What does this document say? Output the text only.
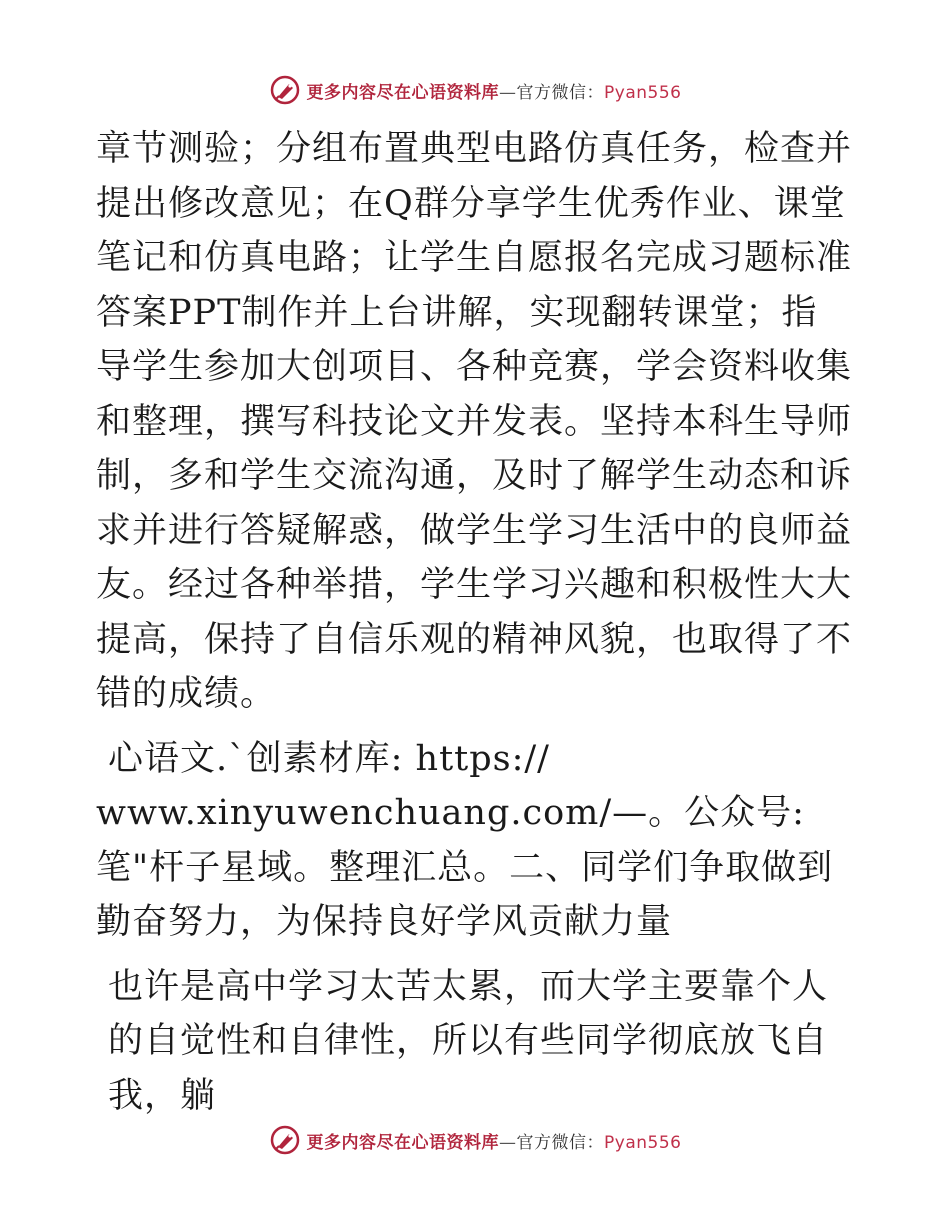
更多内容尽在心语资料库—官方微信：Pyan556

章节测验；分组布置典型电路仿真任务，检查并提出修改意见；在Q群分享学生优秀作业、课堂笔记和仿真电路；让学生自愿报名完成习题标准答案PPT制作并上台讲解，实现翻转课堂；指导学生参加大创项目、各种竞赛，学会资料收集和整理，撰写科技论文并发表。坚持本科生导师制，多和学生交流沟通，及时了解学生动态和诉求并进行答疑解惑，做学生学习生活中的良师益友。经过各种举措，学生学习兴趣和积极性大大提高，保持了自信乐观的精神风貌，也取得了不错的成绩。

心语文.`创素材库: https://

www.xinyuwenchuang.com/—。公众号: 笔"杆子星域。整理汇总。二、同学们争取做到勤奋努力，为保持良好学风贡献力量

也许是高中学习太苦太累，而大学主要靠个人的自觉性和自律性，所以有些同学彻底放飞自我，躺

更多内容尽在心语资料库—官方微信：Pyan556
